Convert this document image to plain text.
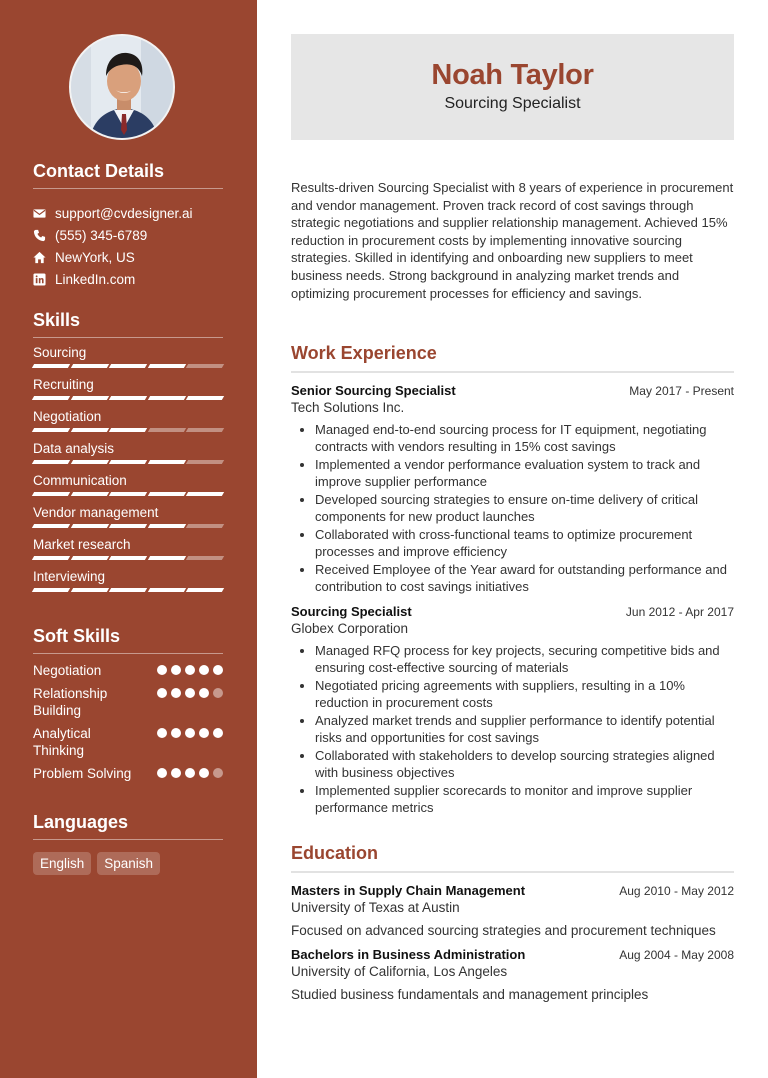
Contact Details
support@cvdesigner.ai
(555) 345-6789
NewYork, US
LinkedIn.com
Skills
Sourcing
Recruiting
Negotiation
Data analysis
Communication
Vendor management
Market research
Interviewing
Soft Skills
Negotiation
Relationship Building
Analytical Thinking
Problem Solving
Languages
English	Spanish
Noah Taylor
Sourcing Specialist

Results-driven Sourcing Specialist with 8 years of experience in procurement and vendor management. Proven track record of cost savings through strategic negotiations and supplier relationship management. Achieved 15% reduction in procurement costs by implementing innovative sourcing strategies. Skilled in identifying and onboarding new suppliers to meet business needs. Strong background in analyzing market trends and optimizing procurement processes for efficiency and savings.

Work Experience
Senior Sourcing Specialist	May 2017 - Present
Tech Solutions Inc.
• Managed end-to-end sourcing process for IT equipment, negotiating contracts with vendors resulting in 15% cost savings
• Implemented a vendor performance evaluation system to track and improve supplier performance
• Developed sourcing strategies to ensure on-time delivery of critical components for new product launches
• Collaborated with cross-functional teams to optimize procurement processes and improve efficiency
• Received Employee of the Year award for outstanding performance and contribution to cost savings initiatives
Sourcing Specialist	Jun 2012 - Apr 2017
Globex Corporation
• Managed RFQ process for key projects, securing competitive bids and ensuring cost-effective sourcing of materials
• Negotiated pricing agreements with suppliers, resulting in a 10% reduction in procurement costs
• Analyzed market trends and supplier performance to identify potential risks and opportunities for cost savings
• Collaborated with stakeholders to develop sourcing strategies aligned with business objectives
• Implemented supplier scorecards to monitor and improve supplier performance metrics
Education
Masters in Supply Chain Management	Aug 2010 - May 2012
University of Texas at Austin
Focused on advanced sourcing strategies and procurement techniques
Bachelors in Business Administration	Aug 2004 - May 2008
University of California, Los Angeles
Studied business fundamentals and management principles
